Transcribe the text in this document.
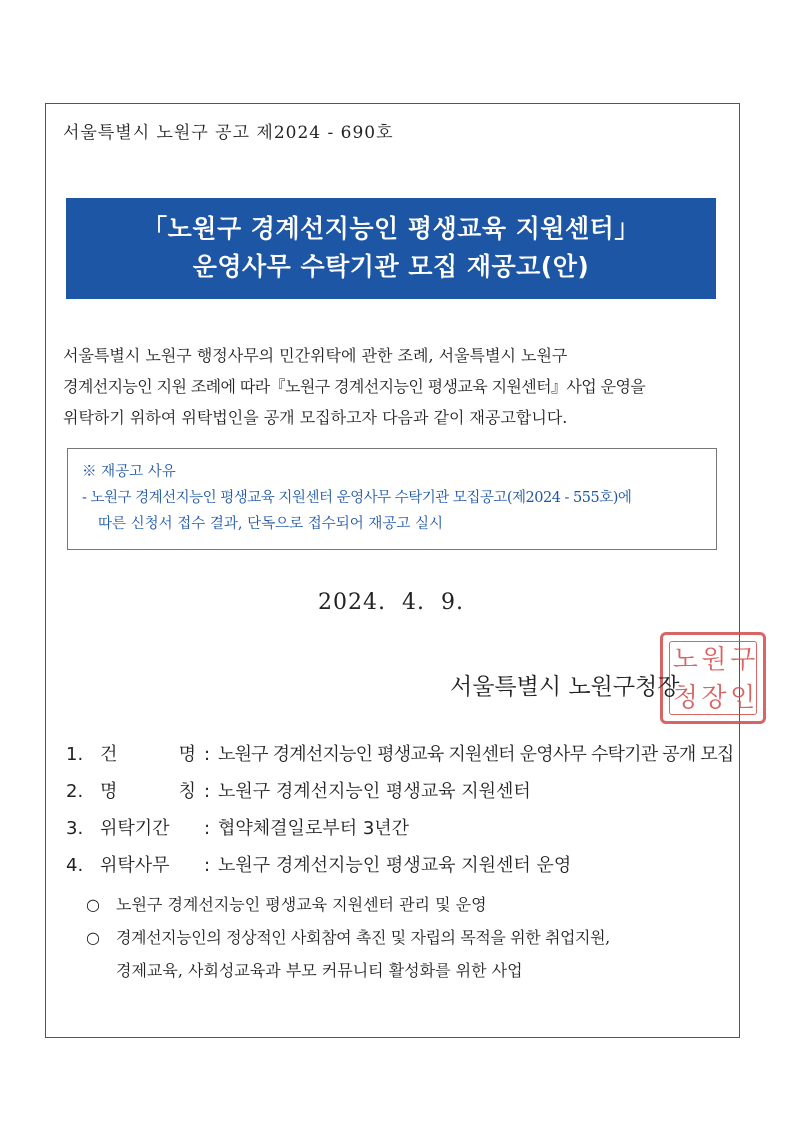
서울특별시 노원구 공고 제2024 - 690호
「노원구 경계선지능인 평생교육 지원센터」
운영사무 수탁기관 모집 재공고(안)
서울특별시 노원구 행정사무의 민간위탁에 관한 조례, 서울특별시 노원구
경계선지능인 지원 조례에 따라『노원구 경계선지능인 평생교육 지원센터』사업 운영을
위탁하기 위하여 위탁법인을 공개 모집하고자 다음과 같이 재공고합니다.
※ 재공고 사유
- 노원구 경계선지능인 평생교육 지원센터 운영사무 수탁기관 모집공고(제2024 - 555호)에
따른 신청서 접수 결과, 단독으로 접수되어 재공고 실시
2024.  4.  9.
노 원 구
청 장 인
서울특별시 노원구청장
1. 건	명 : 노원구 경계선지능인 평생교육 지원센터 운영사무 수탁기관 공개 모집
2. 명	칭 : 노원구 경계선지능인 평생교육 지원센터
3. 위탁기간	: 협약체결일로부터 3년간
4. 위탁사무	: 노원구 경계선지능인 평생교육 지원센터 운영
○	노원구 경계선지능인 평생교육 지원센터 관리 및 운영
○	경계선지능인의 정상적인 사회참여 촉진 및 자립의 목적을 위한 취업지원,
경제교육, 사회성교육과 부모 커뮤니티 활성화를 위한 사업
